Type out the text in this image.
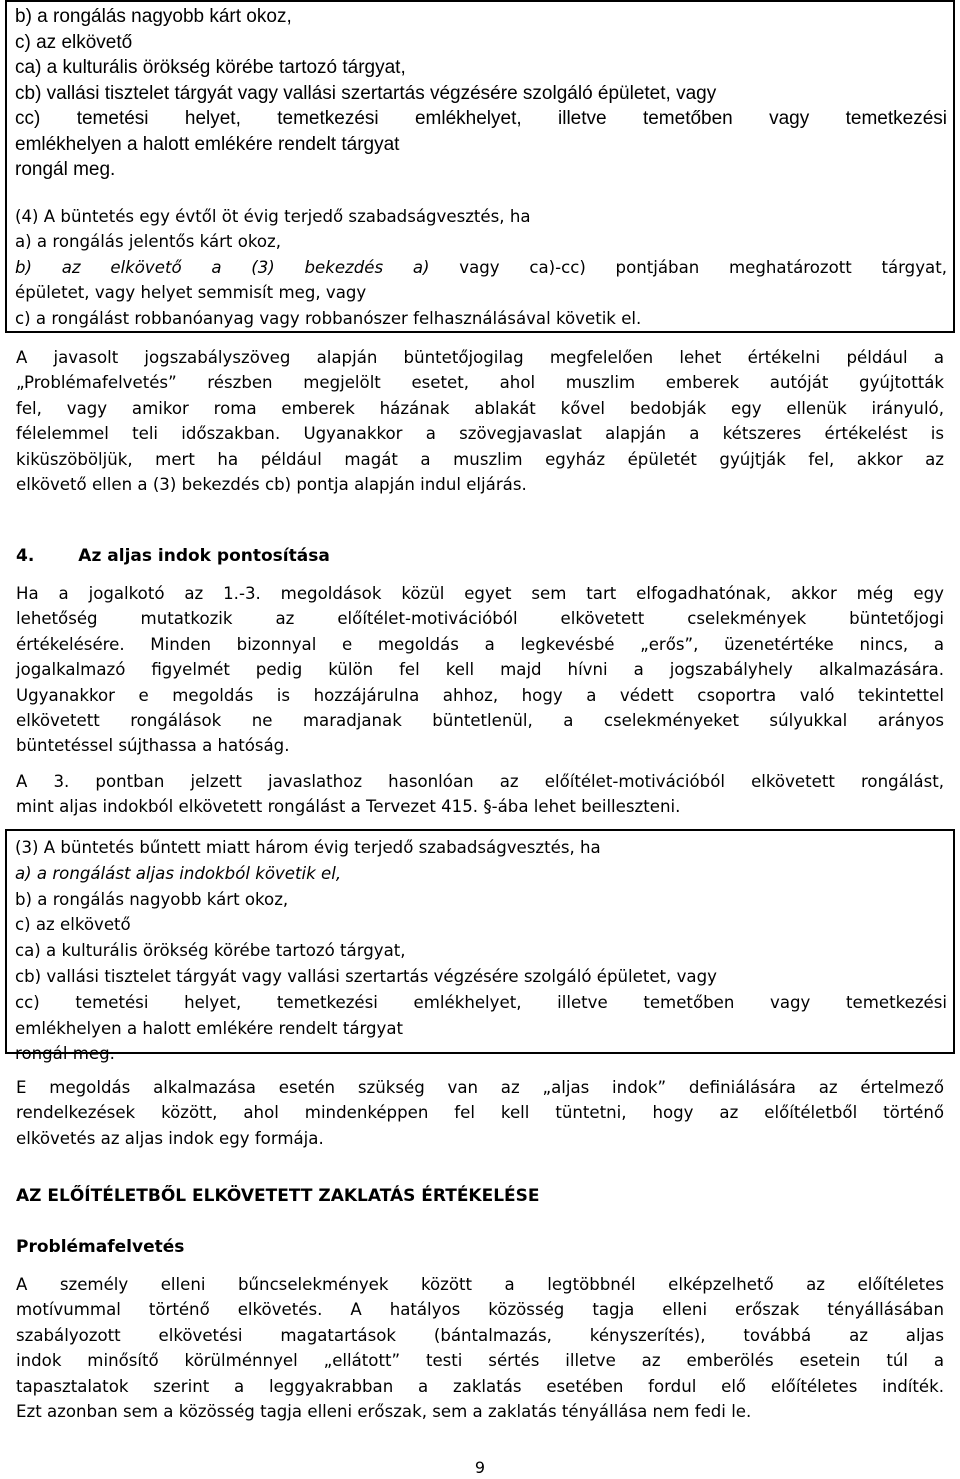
b) a rongálás nagyobb kárt okoz,

c) az elkövető

ca) a kulturális örökség körébe tartozó tárgyat,

cb) vallási tisztelet tárgyát vagy vallási szertartás végzésére szolgáló épületet, vagy

cc) temetési helyet, temetkezési emlékhelyet, illetve temetőben vagy temetkezési

emlékhelyen a halott emlékére rendelt tárgyat

rongál meg.

(4) A büntetés egy évtől öt évig terjedő szabadságvesztés, ha

a) a rongálás jelentős kárt okoz,

b) az elkövető a (3) bekezdés a) vagy ca)-cc) pontjában meghatározott tárgyat,

épületet, vagy helyet semmisít meg, vagy

c) a rongálást robbanóanyag vagy robbanószer felhasználásával követik el.

A javasolt jogszabályszöveg alapján büntetőjogilag megfelelően lehet értékelni például a
„Problémafelvetés” részben megjelölt esetet, ahol muszlim emberek autóját gyújtották
fel, vagy amikor roma emberek házának ablakát kővel bedobják egy ellenük irányuló,
félelemmel teli időszakban. Ugyanakkor a szövegjavaslat alapján a kétszeres értékelést is
kiküszöböljük, mert ha például magát a muszlim egyház épületét gyújtják fel, akkor az
elkövető ellen a (3) bekezdés cb) pontja alapján indul eljárás.

4.	Az aljas indok pontosítása

Ha a jogalkotó az 1.-3. megoldások közül egyet sem tart elfogadhatónak, akkor még egy
lehetőség mutatkozik az előítélet-motivációból elkövetett cselekmények büntetőjogi
értékelésére. Minden bizonnyal e megoldás a legkevésbé „erős”, üzenetértéke nincs, a
jogalkalmazó figyelmét pedig külön fel kell majd hívni a jogszabályhely alkalmazására.
Ugyanakkor e megoldás is hozzájárulna ahhoz, hogy a védett csoportra való tekintettel
elkövetett rongálások ne maradjanak büntetlenül, a cselekményeket súlyukkal arányos
büntetéssel sújthassa a hatóság.

A 3. pontban jelzett javaslathoz hasonlóan az előítélet-motivációból elkövetett rongálást,
mint aljas indokból elkövetett rongálást a Tervezet 415. §-ába lehet beilleszteni.

(3) A büntetés bűntett miatt három évig terjedő szabadságvesztés, ha

a) a rongálást aljas indokból követik el,

b) a rongálás nagyobb kárt okoz,

c) az elkövető

ca) a kulturális örökség körébe tartozó tárgyat,

cb) vallási tisztelet tárgyát vagy vallási szertartás végzésére szolgáló épületet, vagy

cc) temetési helyet, temetkezési emlékhelyet, illetve temetőben vagy temetkezési

emlékhelyen a halott emlékére rendelt tárgyat

rongál meg.

E megoldás alkalmazása esetén szükség van az „aljas indok” definiálására az értelmező
rendelkezések között, ahol mindenképpen fel kell tüntetni, hogy az előítéletből történő
elkövetés az aljas indok egy formája.

AZ ELŐÍTÉLETBŐL ELKÖVETETT ZAKLATÁS ÉRTÉKELÉSE

Problémafelvetés

A személy elleni bűncselekmények között a legtöbbnél elképzelhető az előítéletes
motívummal történő elkövetés. A hatályos közösség tagja elleni erőszak tényállásában
szabályozott elkövetési magatartások (bántalmazás, kényszerítés), továbbá az aljas
indok minősítő körülménnyel „ellátott” testi sértés illetve az emberölés esetein túl a
tapasztalatok szerint a leggyakrabban a zaklatás esetében fordul elő előítéletes indíték.
Ezt azonban sem a közösség tagja elleni erőszak, sem a zaklatás tényállása nem fedi le.

9
